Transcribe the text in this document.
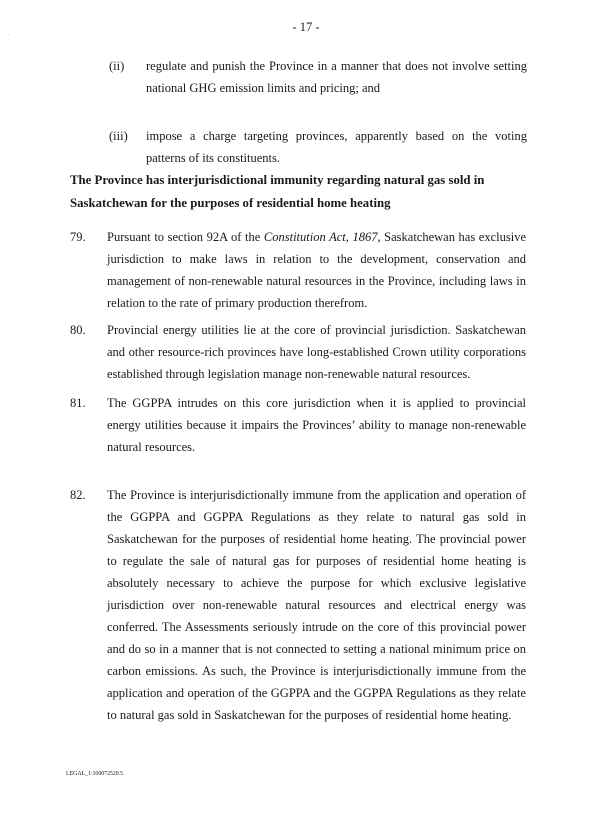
- 17 -
(ii) regulate and punish the Province in a manner that does not involve setting national GHG emission limits and pricing; and
(iii) impose a charge targeting provinces, apparently based on the voting patterns of its constituents.
The Province has interjurisdictional immunity regarding natural gas sold in Saskatchewan for the purposes of residential home heating
79. Pursuant to section 92A of the Constitution Act, 1867, Saskatchewan has exclusive jurisdiction to make laws in relation to the development, conservation and management of non-renewable natural resources in the Province, including laws in relation to the rate of primary production therefrom.
80. Provincial energy utilities lie at the core of provincial jurisdiction. Saskatchewan and other resource-rich provinces have long-established Crown utility corporations established through legislation manage non-renewable natural resources.
81. The GGPPA intrudes on this core jurisdiction when it is applied to provincial energy utilities because it impairs the Provinces’ ability to manage non-renewable natural resources.
82. The Province is interjurisdictionally immune from the application and operation of the GGPPA and GGPPA Regulations as they relate to natural gas sold in Saskatchewan for the purposes of residential home heating. The provincial power to regulate the sale of natural gas for purposes of residential home heating is absolutely necessary to achieve the purpose for which exclusive legislative jurisdiction over non-renewable natural resources and electrical energy was conferred. The Assessments seriously intrude on the core of this provincial power and do so in a manner that is not connected to setting a national minimum price on carbon emissions. As such, the Province is interjurisdictionally immune from the application and operation of the GGPPA and the GGPPA Regulations as they relate to natural gas sold in Saskatchewan for the purposes of residential home heating.
LEGAL_1:100072529.5
